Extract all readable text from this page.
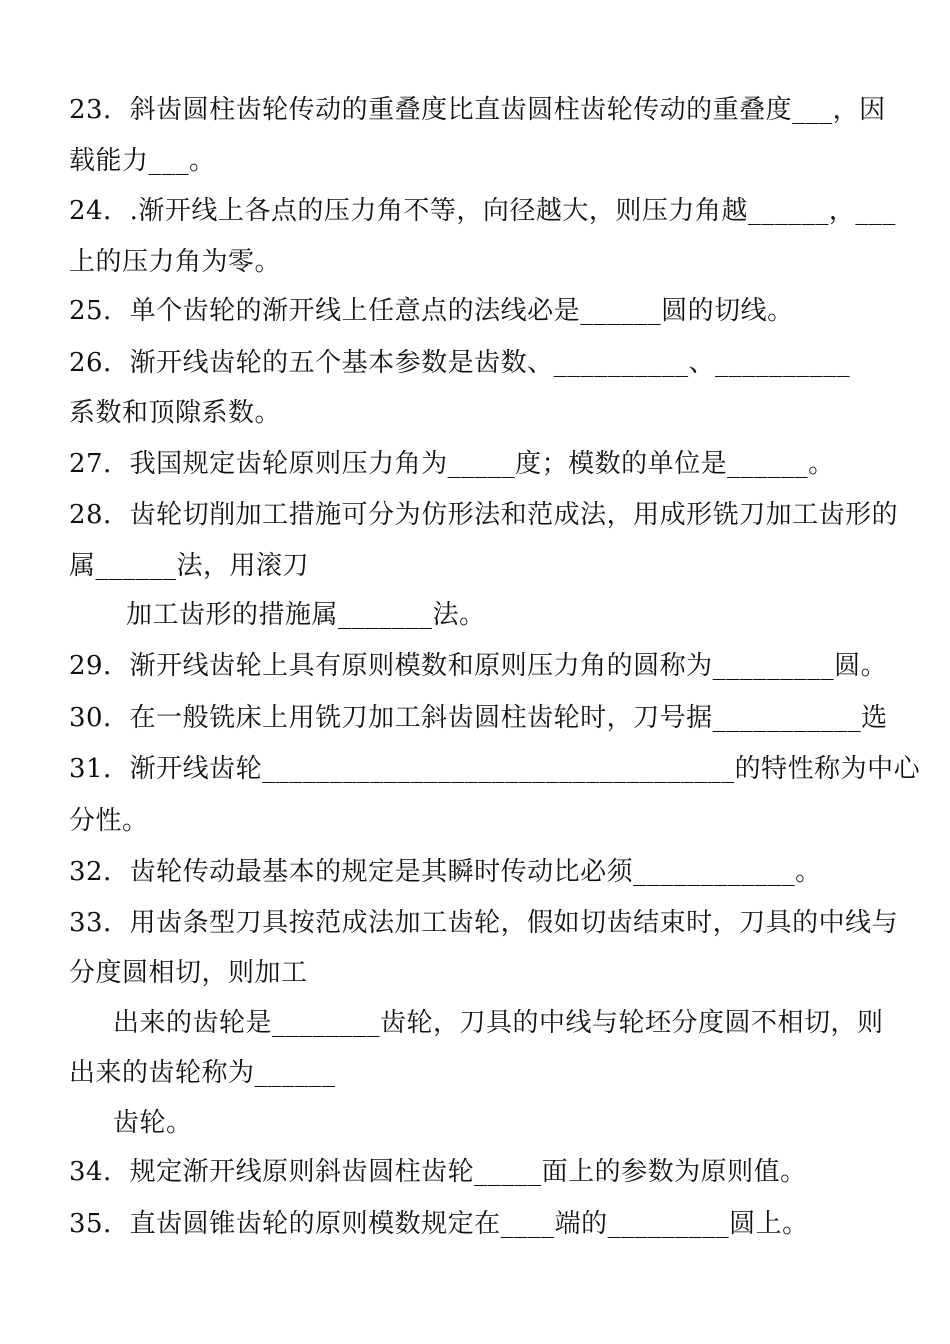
23．斜齿圆柱齿轮传动的重叠度比直齿圆柱齿轮传动的重叠度___，因
载能力___。
24．.渐开线上各点的压力角不等，向径越大，则压力角越______，___
上的压力角为零。
25．单个齿轮的渐开线上任意点的法线必是______圆的切线。
26．渐开线齿轮的五个基本参数是齿数、__________、__________
系数和顶隙系数。
27．我国规定齿轮原则压力角为_____度；模数的单位是______。
28．齿轮切削加工措施可分为仿形法和范成法，用成形铣刀加工齿形的
属______法，用滚刀
加工齿形的措施属_______法。
29．渐开线齿轮上具有原则模数和原则压力角的圆称为_________圆。
30．在一般铣床上用铣刀加工斜齿圆柱齿轮时，刀号据___________选
31．渐开线齿轮___________________________________的特性称为中心
分性。
32．齿轮传动最基本的规定是其瞬时传动比必须____________。
33．用齿条型刀具按范成法加工齿轮，假如切齿结束时，刀具的中线与
分度圆相切，则加工
出来的齿轮是________齿轮，刀具的中线与轮坯分度圆不相切，则
出来的齿轮称为______
齿轮。
34．规定渐开线原则斜齿圆柱齿轮_____面上的参数为原则值。
35．直齿圆锥齿轮的原则模数规定在____端的_________圆上。
